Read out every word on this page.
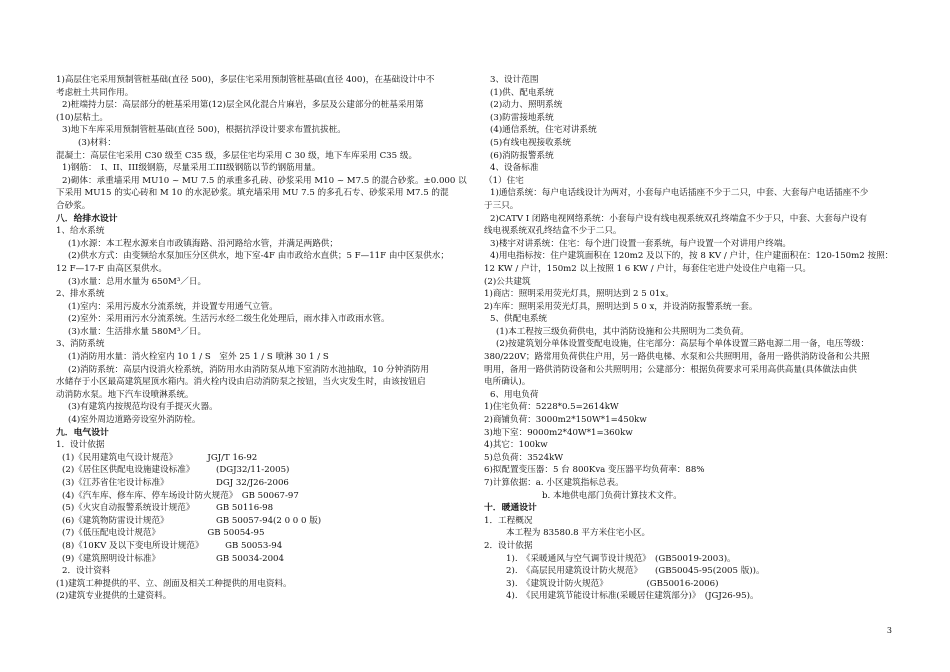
1)高层住宅采用预制管桩基础(直径 500)，多层住宅采用预制管桩基础(直径 400)，在基础设计中不
考虑桩土共同作用。
2)桩端持力层：高层部分的桩基采用第(12)层全风化混合片麻岩，多层及公建部分的桩基采用第
(10)层粘土。
3)地下车库采用预制管桩基础(直径 500)，根据抗浮设计要求布置抗拔桩。
(3)材料：
混凝土：高层住宅采用 C30 级至 C35 级，多层住宅均采用 C 30 级，地下车库采用 C35 级。
1)钢筋：　I、II、III级钢筋，尽量采用工III级钢筋以节约钢筋用量。
2)砌体：承重墙采用 MU10 ~ MU 7.5 的承重多孔砖、砂浆采用 M10 ~ M7.5 的混合砂浆。±0.000 以
下采用 MU15 的实心砖和 M 10 的水泥砂浆。填充墙采用 MU 7.5 的多孔石专、砂浆采用 M7.5 的混
合砂浆。
八．给排水设计
1、给水系统
(1)水源：本工程水源来自市政镇海路、沿河路给水管，并满足两路供；
(2)供水方式：由变频给水泵加压分区供水，地下室-4F 由市政给水直供；5 F—11F 由中区泵供水；
12 F—17-F 由高区泵供水。
(3)水量：总用水量为 650M³／日。
2、排水系统
(1)室内：采用污废水分流系统，并设置专用通气立管。
(2)室外：采用雨污水分流系统。生活污水经二级生化处理后，雨水排入市政雨水管。
(3)水量：生活排水量 580M³／日。
3、消防系统
(1)消防用水量：消火栓室内 10 1 / S　室外 25 1 / S 喷淋 30 1 / S
(2)消防系统：高层内设消火栓系统，消防用水由消防泵从地下室消防水池抽取，10 分钟消防用
水储存于小区最高建筑屋顶水箱内。消火栓内设由启动消防泵之按钮，当火灾发生时，由该按钮启
动消防水泵。地下汽车设喷淋系统。
(3)有建筑内按规范均设有手提灭火器。
(4)室外周边道路旁设室外消防栓。
九．电气设计
1．设计依据
(1)《民用建筑电气设计规范》　　　　JGJ/T 16-92
(2)《居住区供配电设施建设标准》　　　(DGJ32/11-2005)
(3)《江苏省住宅设计标准》　　　　　　DGJ 32/J26-2006
(4)《汽车库、修车库、停车场设计防火规范》　GB 50067-97
(5)《火灾自动报警系统设计规范》　　　GB 50116-98
(6)《建筑物防雷设计规范》　　　　　　GB 50057-94(2 0 0 0 版)
(7)《低压配电设计规范》　　　　　　GB 50054-95
(8)《10KV 及以下变电所设计规范》　　　GB 50053-94
(9)《建筑照明设计标准》　　　　　　　GB 50034-2004
2．设计资料
(1)建筑工种提供的平、立、剖面及相关工种提供的用电资料。
(2)建筑专业提供的土建资料。
3、设计范围
(1)供、配电系统
(2)动力、照明系统
(3)防雷接地系统
(4)通信系统，住宅对讲系统
(5)有线电视接收系统
(6)消防报警系统
4、设备标准
（1）住宅
1)通信系统：每户电话线设计为两对，小套每户电话插座不少于二只，中套、大套每户电话插座不少
于三只。
2)CATV I 闭路电视网络系统：小套每户设有线电视系统双孔终端盒不少于只，中套、大套每户设有
线电视系统双孔终结盒不少于二只。
3)楼宇对讲系统：住宅：每个进门设置一套系统，每户设置一个对讲用户终端。
4)用电指标按：住户建筑面积在 120m2 及以下的，按 8 KV / 户计，住户建面积在：120-150m2 按照：
12 KW / 户计，150m2 以上按照 1 6 KW / 户计，每套住宅进户处设住户电箱一只。
(2)公共建筑
1)商店：照明采用荧光灯具，照明达到 2 5 01x。
2)车库：照明采用荧光灯具，照明达到 5 0 x，并设消防报警系统一套。
5、供配电系统
(1)本工程按三级负荷供电，其中消防设施和公共照明为二类负荷。
(2)按建筑划分单体设置变配电设施，住宅部分：高层每个单体设置三路电源二用一备，电压等级：
380/220V；路常用负荷供住户用，另一路供电梯、水泵和公共照明用，备用一路供消防设备和公共照
明用，备用一路供消防设备和公共照明用；公建部分：根据负荷要求可采用高供高量(具体做法由供
电所确认)。
6、用电负荷
1)住宅负荷：5228*0.5=2614kW
2)商铺负荷：3000m2*150W*1=450kw
3)地下室：9000m2*40W*1=360kw
4)其它：100kw
5)总负荷：3524kW
6)拟配置变压器：5 台 800Kva 变压器平均负荷率：88%
7)计算依据：a. 小区建筑指标总表。
b. 本地供电部门负荷计算技术文件。
十．暖通设计
1．工程概况
本工程为 83580.8 平方米住宅小区。
2．设计依据
1).　《采暖通风与空气调节设计规范》　(GB50019-2003)。
2).　《高层民用建筑设计防火规范》　　(GB50045-95(2005 版))。
3).　《建筑设计防火规范》　　　　　(GB50016-2006)
4).　《民用建筑节能设计标准(采暖居住建筑部分)》　(JGJ26-95)。
3
